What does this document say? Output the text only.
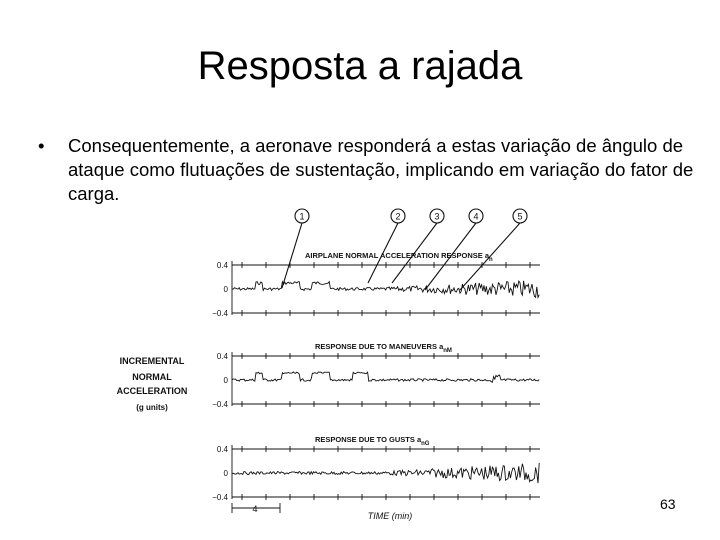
Resposta a rajada
• Consequentemente, a aeronave responderá a estas variação de ângulo de ataque como flutuações de sustentação, implicando em variação do fator de carga.
1	2	3	4	5
INCREMENTAL
NORMAL
ACCELERATION
(g units)
AIRPLANE NORMAL ACCELERATION RESPONSE $a_n$
0.4
0
−0.4
RESPONSE DUE TO MANEUVERS $a_{nM}$
0.4
0
−0.4
RESPONSE DUE TO GUSTS $a_{nG}$
0.4
0
−0.4
TIME (min)
4	63
